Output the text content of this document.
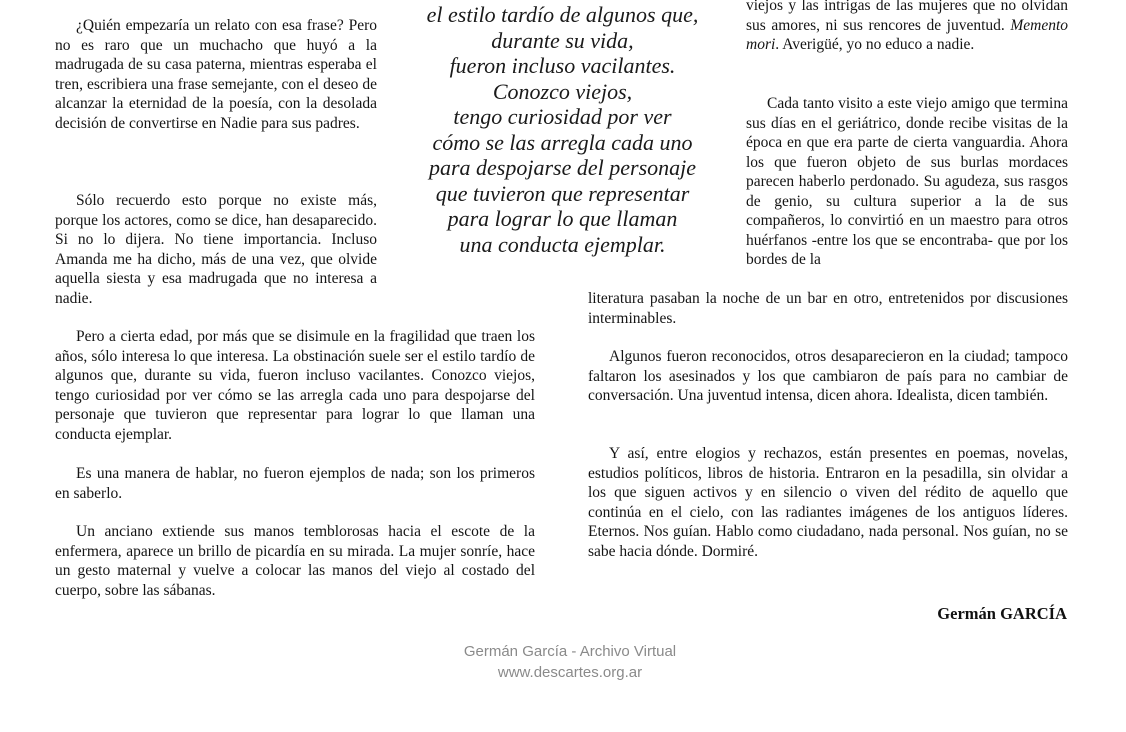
¿Quién empezaría un relato con esa frase? Pero no es raro que un muchacho que huyó a la madrugada de su casa paterna, mientras esperaba el tren, escribiera una frase semejante, con el deseo de alcanzar la eternidad de la poesía, con la desolada decisión de convertirse en Nadie para sus padres.

Sólo recuerdo esto porque no existe más, porque los actores, como se dice, han desaparecido. Si no lo dijera. No tiene importancia. Incluso Amanda me ha dicho, más de una vez, que olvide aquella siesta y esa madrugada que no interesa a nadie.

Pero a cierta edad, por más que se disimule en la fragilidad que traen los años, sólo interesa lo que interesa. La obstinación suele ser el estilo tardío de algunos que, durante su vida, fueron incluso vacilantes. Conozco viejos, tengo curiosidad por ver cómo se las arregla cada uno para despojarse del personaje que tuvieron que representar para lograr lo que llaman una conducta ejemplar.

Es una manera de hablar, no fueron ejemplos de nada; son los primeros en saberlo.

Un anciano extiende sus manos temblorosas hacia el escote de la enfermera, aparece un brillo de picardía en su mirada. La mujer sonríe, hace un gesto maternal y vuelve a colocar las manos del viejo al costado del cuerpo, sobre las sábanas.

el estilo tardío de algunos que,
durante su vida,
fueron incluso vacilantes.
Conozco viejos,
tengo curiosidad por ver
cómo se las arregla cada uno
para despojarse del personaje
que tuvieron que representar
para lograr lo que llaman
una conducta ejemplar.

viejos y las intrigas de las mujeres que no olvidan sus amores, ni sus rencores de juventud. Memento mori. Averigüé, yo no educo a nadie.

Cada tanto visito a este viejo amigo que termina sus días en el geriátrico, donde recibe visitas de la época en que era parte de cierta vanguardia. Ahora los que fueron objeto de sus burlas mordaces parecen haberlo perdonado. Su agudeza, sus rasgos de genio, su cultura superior a la de sus compañeros, lo convirtió en un maestro para otros huérfanos -entre los que se encontraba- que por los bordes de la

literatura pasaban la noche de un bar en otro, entretenidos por discusiones interminables.

Algunos fueron reconocidos, otros desaparecieron en la ciudad; tampoco faltaron los asesinados y los que cambiaron de país para no cambiar de conversación. Una juventud intensa, dicen ahora. Idealista, dicen también.

Y así, entre elogios y rechazos, están presentes en poemas, novelas, estudios políticos, libros de historia. Entraron en la pesadilla, sin olvidar a los que siguen activos y en silencio o viven del rédito de aquello que continúa en el cielo, con las radiantes imágenes de los antiguos líderes. Eternos. Nos guían. Hablo como ciudadano, nada personal. Nos guían, no se sabe hacia dónde. Dormiré.

Germán GARCÍA

Germán García - Archivo Virtual

www.descartes.org.ar
